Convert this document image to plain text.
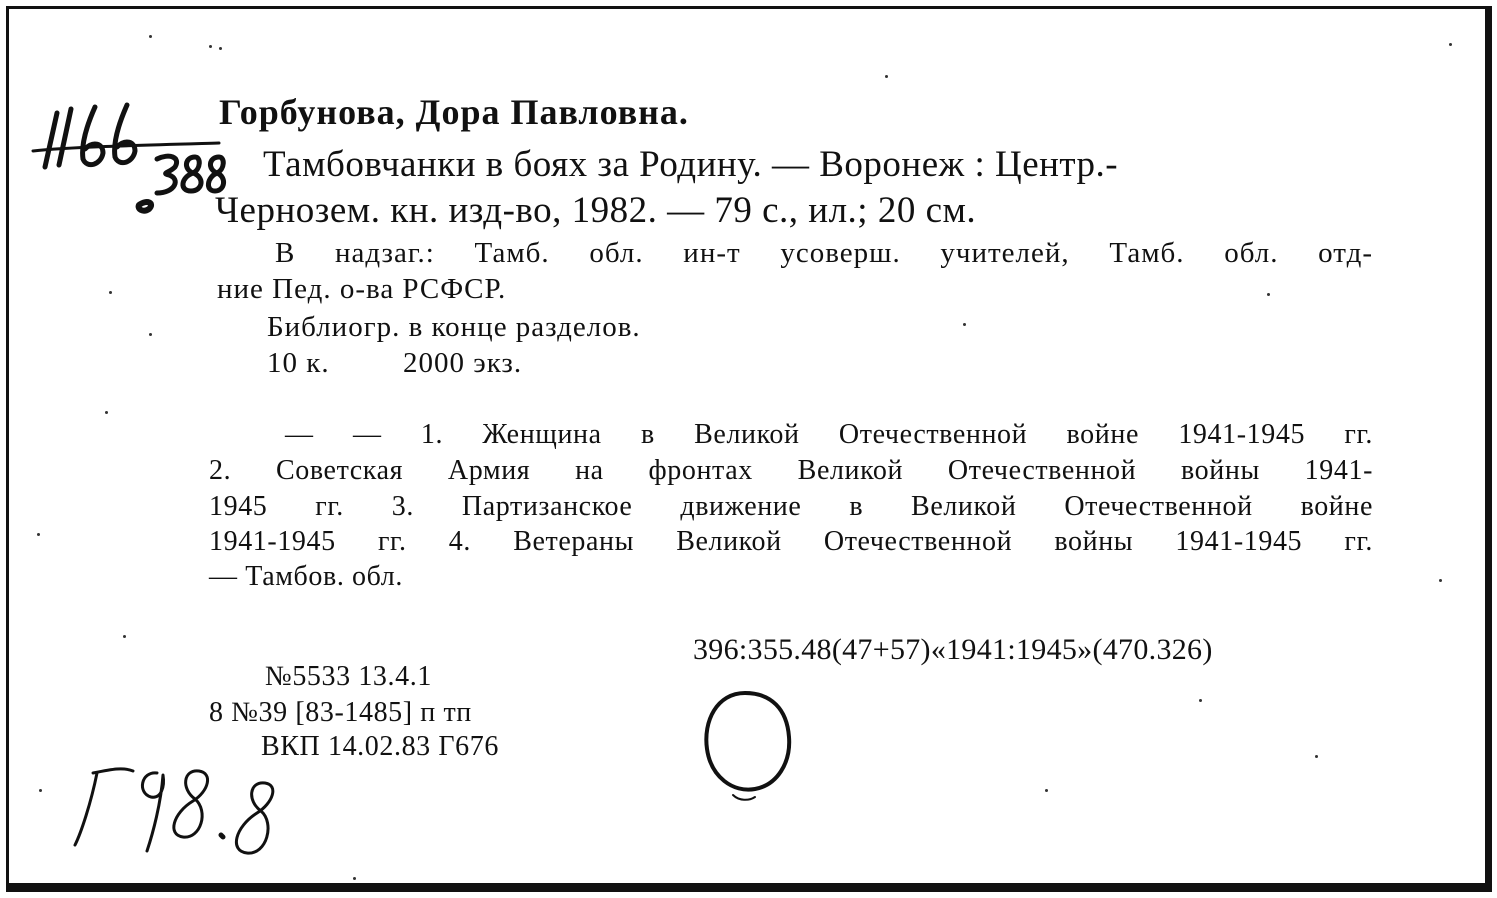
Горбунова, Дора Павловна.
Тамбовчанки в боях за Родину. — Воронеж : Центр.-
Чернозем. кн. изд-во, 1982. — 79 с., ил.; 20 см.
В надзаг.: Тамб. обл. ин-т усоверш. учителей, Тамб. обл. отд-
ние Пед. о-ва РСФСР.
Библиогр. в конце разделов.
10 к.	2000 экз.
— — 1. Женщина в Великой Отечественной войне 1941-1945 гг.
2. Советская Армия на фронтах Великой Отечественной войны 1941-
1945 гг. 3. Партизанское движение в Великой Отечественной войне
1941-1945 гг. 4. Ветераны Великой Отечественной войны 1941-1945 гг.
— Тамбов. обл.
396:355.48(47+57)«1941:1945»(470.326)
№5533 13.4.1
8 №39 [83-1485] п тп
ВКП 14.02.83 Г676
